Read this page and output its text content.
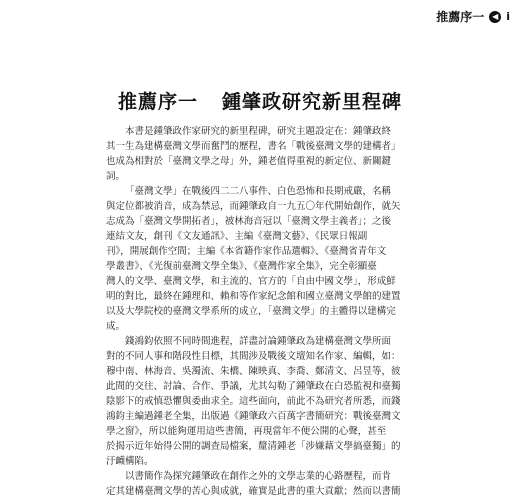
推薦序一 ◀ i
推薦序一 鍾肇政研究新里程碑

本書是鍾肇政作家研究的新里程碑，研究主題設定在：鍾肇政終
其一生為建構臺灣文學而奮鬥的歷程，書名「戰後臺灣文學的建構者」
也成為相對於「臺灣文學之母」外，鍾老值得重視的新定位、新關鍵
詞。

「臺灣文學」在戰後四二二八事件、白色恐怖和長期戒嚴，名稱
與定位都被消音，成為禁忌，而鍾肇政自一九五〇年代開始創作，就矢
志成為「臺灣文學開拓者」，被林海音冠以「臺灣文學主義者」；之後
連結文友，創刊《文友通訊》、主編《臺灣文藝》、《民眾日報副
刊》，開展創作空間；主編《本省籍作家作品選輯》、《臺灣省青年文
學叢書》、《光復前臺灣文學全集》、《臺灣作家全集》，完全彰顯臺
灣人的文學、臺灣文學，和主流的、官方的「自由中國文學」，形成鮮
明的對比，最終在鍾理和、賴和等作家紀念館和國立臺灣文學館的建置
以及大學院校的臺灣文學系所的成立，「臺灣文學」的主體得以建構完
成。

錢鴻鈞依照不同時間進程，詳盡討論鍾肇政為建構臺灣文學所面
對的不同人事和階段性目標，其間涉及戰後文壇知名作家、編輯，如：
穆中南、林海音、吳濁流、朱橋、陳映真、李喬、鄭清文、呂昱等，彼
此間的交往、討論、合作、爭議，尤其勾勒了鍾肇政在白恐監視和臺獨
陰影下的戒慎恐懼與委曲求全。這些面向，前此不為研究者所悉，而錢
鴻鈞主編過鍾老全集，出版過《鍾肇政六百萬字書簡研究：戰後臺灣文
學之窗》，所以能夠運用這些書簡，再現當年不便公開的心聲，甚至
於揭示近年始得公開的調查局檔案，釐清鍾老「涉嫌藉文學搞臺獨」的
汙衊構陷。

以書簡作為探究鍾肇政在創作之外的文學志業的心路歷程，而肯
定其建構臺灣文學的苦心與成就，確實是此書的重大貢獻；然而以書簡
